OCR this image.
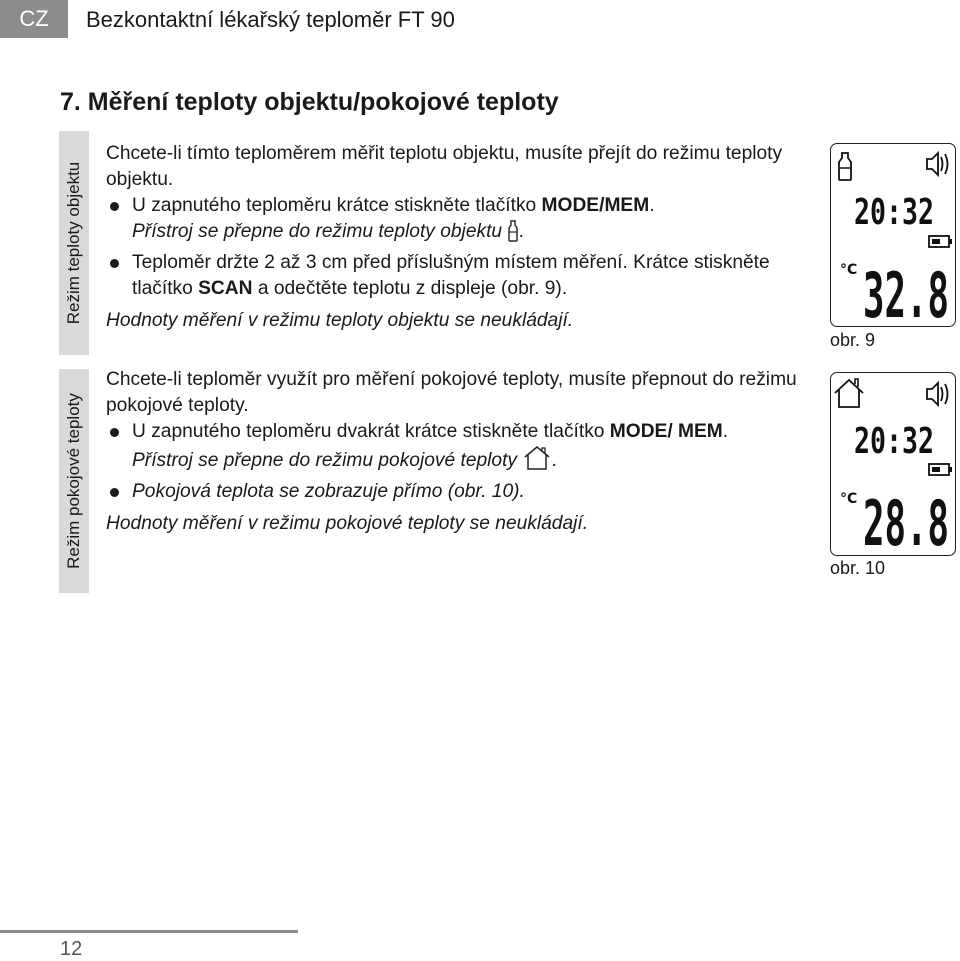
CZ	Bezkontaktní lékařský teploměr FT 90
7. Měření teploty objektu/pokojové teploty
Režim teploty objektu
Režim pokojové teploty

Chcete-li tímto teploměrem měřit teplotu objektu, musíte přejít do režimu teploty objektu.

U zapnutého teploměru krátce stiskněte tlačítko MODE/MEM.

Přístroj se přepne do režimu teploty objektu .

Teploměr držte 2 až 3 cm před příslušným místem měření. Krátce stiskněte tlačítko SCAN a odečtěte teplotu z displeje (obr. 9).

Hodnoty měření v režimu teploty objektu se neukládají.

Chcete-li teploměr využít pro měření pokojové teploty, musíte přepnout do režimu pokojové teploty.

U zapnutého teploměru dvakrát krátce stiskněte tlačítko MODE/ MEM.

Přístroj se přepne do režimu pokojové teploty .

Pokojová teplota se zobrazuje přímo (obr. 10).

Hodnoty měření v režimu pokojové teploty se neukládají.

20:32
°C 32.8
obr. 9
20:32
°C 28.8
obr. 10
12
